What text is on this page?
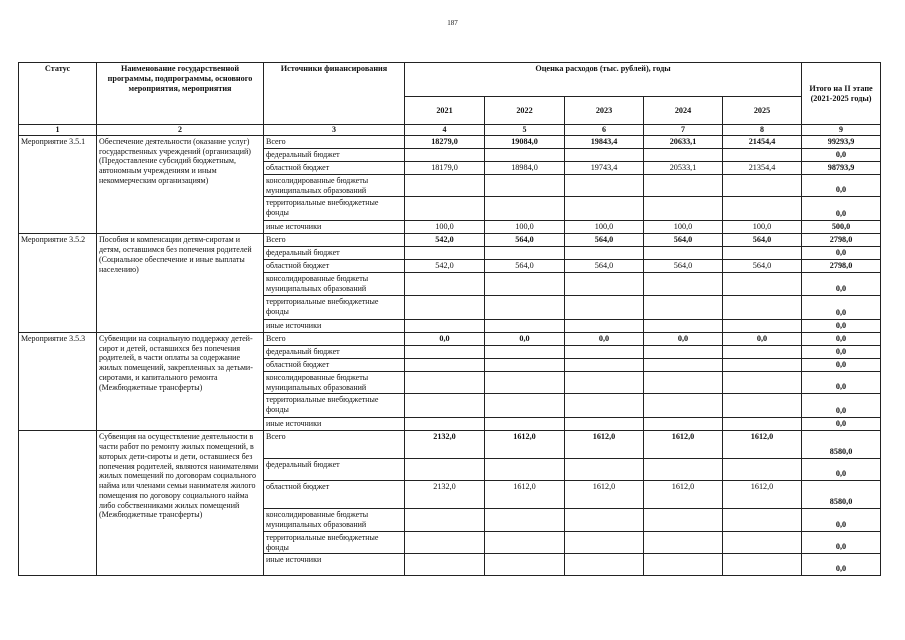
187
Статус	Наименование государственной программы, подпрограммы, основного мероприятия, мероприятия	Источники финансирования	Оценка расходов (тыс. рублей), годы					Итого на II этапе (2021-2025 годы)
			2021	2022	2023	2024	2025	
1	2	3	4	5	6	7	8	9
Мероприятие 3.5.1	Обеспечение деятельности (оказание услуг) государственных учреждений (организаций) (Предоставление субсидий бюджетным, автономным учреждениям и иным некоммерческим организациям)	Всего	18279,0	19084,0	19843,4	20633,1	21454,4	99293,9
		федеральный бюджет						0,0
		областной бюджет	18179,0	18984,0	19743,4	20533,1	21354,4	98793,9
		консолидированные бюджеты муниципальных образований						0,0
		территориальные внебюджетные фонды						0,0
		иные источники	100,0	100,0	100,0	100,0	100,0	500,0
Мероприятие 3.5.2	Пособия и компенсации детям-сиротам и детям, оставшимся без попечения родителей (Социальное обеспечение и иные выплаты населению)	Всего	542,0	564,0	564,0	564,0	564,0	2798,0
		федеральный бюджет						0,0
		областной бюджет	542,0	564,0	564,0	564,0	564,0	2798,0
		консолидированные бюджеты муниципальных образований						0,0
		территориальные внебюджетные фонды						0,0
		иные источники						0,0
Мероприятие 3.5.3	Субвенции на социальную поддержку детей-сирот и детей, оставшихся без попечения родителей, в части оплаты за содержание жилых помещений, закрепленных за детьми-сиротами, и капитального ремонта (Межбюджетные трансферты)	Всего	0,0	0,0	0,0	0,0	0,0	0,0
		федеральный бюджет						0,0
		областной бюджет						0,0
		консолидированные бюджеты муниципальных образований						0,0
		территориальные внебюджетные фонды						0,0
		иные источники						0,0
	Субвенция на осуществление деятельности в части работ по ремонту жилых помещений, в которых дети-сироты и дети, оставшиеся без попечения родителей, являются нанимателями жилых помещений по договорам социального найма или членами семьи нанимателя жилого помещения по договору социального найма либо собственниками жилых помещений (Межбюджетные трансферты)	Всего	2132,0	1612,0	1612,0	1612,0	1612,0	8580,0
		федеральный бюджет						0,0
		областной бюджет	2132,0	1612,0	1612,0	1612,0	1612,0	8580,0
		консолидированные бюджеты муниципальных образований						0,0
		территориальные внебюджетные фонды						0,0
		иные источники						0,0
